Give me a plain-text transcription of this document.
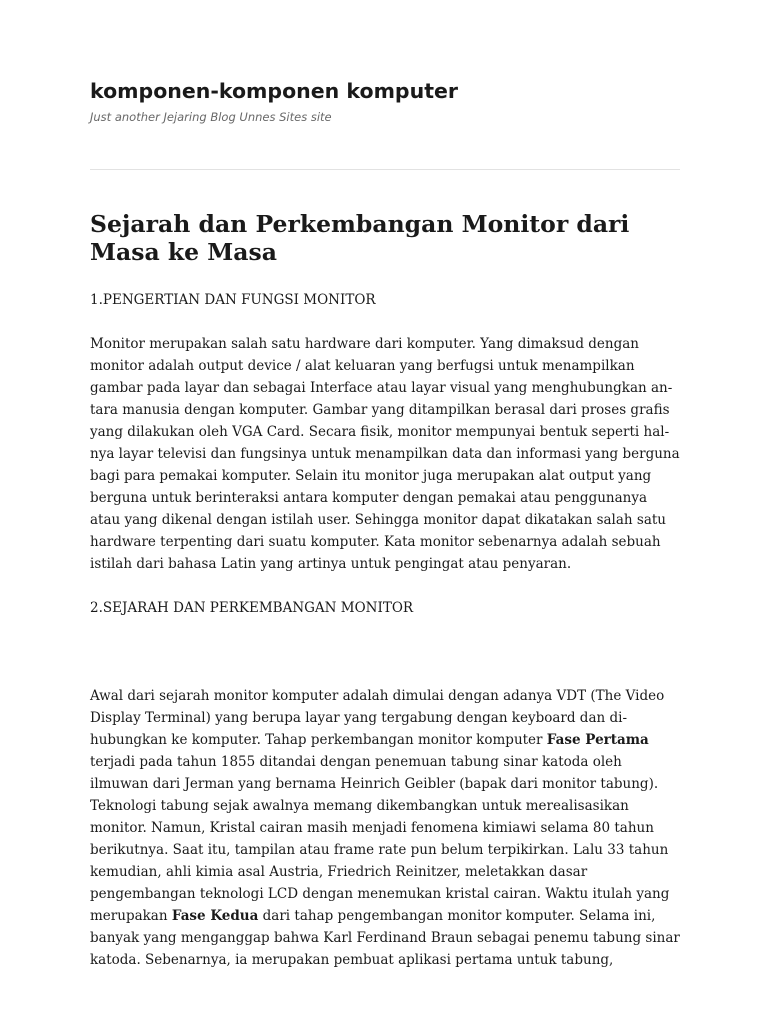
komponen-komponen komputer
Just another Jejaring Blog Unnes Sites site
Sejarah dan Perkembangan Monitor dari Masa ke Masa

1.PENGERTIAN DAN FUNGSI MONITOR

Monitor merupakan salah satu hardware dari komputer. Yang dimaksud dengan monitor adalah output device / alat keluaran yang berfugsi untuk menampilkan gambar pada layar dan sebagai Interface atau layar visual yang menghubungkan antara manusia dengan komputer. Gambar yang ditampilkan berasal dari proses grafis yang dilakukan oleh VGA Card. Secara fisik, monitor mempunyai bentuk seperti halnya layar televisi dan fungsinya untuk menampilkan data dan informasi yang berguna bagi para pemakai komputer. Selain itu monitor juga merupakan alat output yang berguna untuk berinteraksi antara komputer dengan pemakai atau penggunanya atau yang dikenal dengan istilah user. Sehingga monitor dapat dikatakan salah satu hardware terpenting dari suatu komputer. Kata monitor sebenarnya adalah sebuah istilah dari bahasa Latin yang artinya untuk pengingat atau penyaran.

2.SEJARAH DAN PERKEMBANGAN MONITOR

Awal dari sejarah monitor komputer adalah dimulai dengan adanya VDT (The Video Display Terminal) yang berupa layar yang tergabung dengan keyboard dan dihubungkan ke komputer. Tahap perkembangan monitor komputer Fase Pertama terjadi pada tahun 1855 ditandai dengan penemuan tabung sinar katoda oleh ilmuwan dari Jerman yang bernama Heinrich Geibler (bapak dari monitor tabung). Teknologi tabung sejak awalnya memang dikembangkan untuk merealisasikan monitor. Namun, Kristal cairan masih menjadi fenomena kimiawi selama 80 tahun berikutnya. Saat itu, tampilan atau frame rate pun belum terpikirkan. Lalu 33 tahun kemudian, ahli kimia asal Austria, Friedrich Reinitzer, meletakkan dasar pengembangan teknologi LCD dengan menemukan kristal cairan. Waktu itulah yang merupakan Fase Kedua dari tahap pengembangan monitor komputer. Selama ini, banyak yang menganggap bahwa Karl Ferdinand Braun sebagai penemu tabung sinar katoda. Sebenarnya, ia merupakan pembuat aplikasi pertama untuk tabung,
